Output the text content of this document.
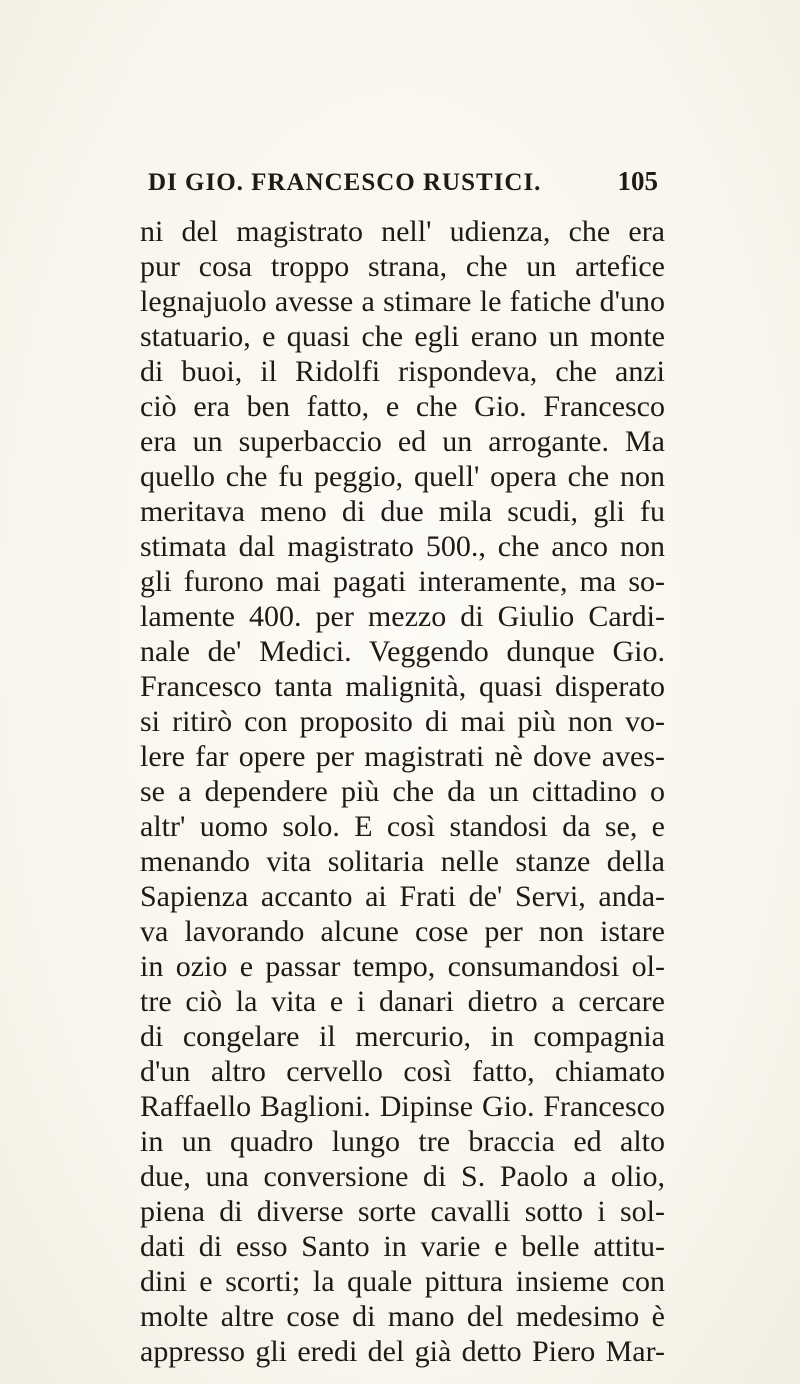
DI GIO. FRANCESCO RUSTICI.	105
ni del magistrato nell' udienza, che era
pur cosa troppo strana, che un artefice
legnajuolo avesse a stimare le fatiche d'uno
statuario, e quasi che egli erano un monte
di buoi, il Ridolfi rispondeva, che anzi
ciò era ben fatto, e che Gio. Francesco
era un superbaccio ed un arrogante. Ma
quello che fu peggio, quell' opera che non
meritava meno di due mila scudi, gli fu
stimata dal magistrato 500., che anco non
gli furono mai pagati interamente, ma so-
lamente 400. per mezzo di Giulio Cardi-
nale de' Medici. Veggendo dunque Gio.
Francesco tanta malignità, quasi disperato
si ritirò con proposito di mai più non vo-
lere far opere per magistrati nè dove aves-
se a dependere più che da un cittadino o
altr' uomo solo. E così standosi da se, e
menando vita solitaria nelle stanze della
Sapienza accanto ai Frati de' Servi, anda-
va lavorando alcune cose per non istare
in ozio e passar tempo, consumandosi ol-
tre ciò la vita e i danari dietro a cercare
di congelare il mercurio, in compagnia
d'un altro cervello così fatto, chiamato
Raffaello Baglioni. Dipinse Gio. Francesco
in un quadro lungo tre braccia ed alto
due, una conversione di S. Paolo a olio,
piena di diverse sorte cavalli sotto i sol-
dati di esso Santo in varie e belle attitu-
dini e scorti; la quale pittura insieme con
molte altre cose di mano del medesimo è
appresso gli eredi del già detto Piero Mar-
